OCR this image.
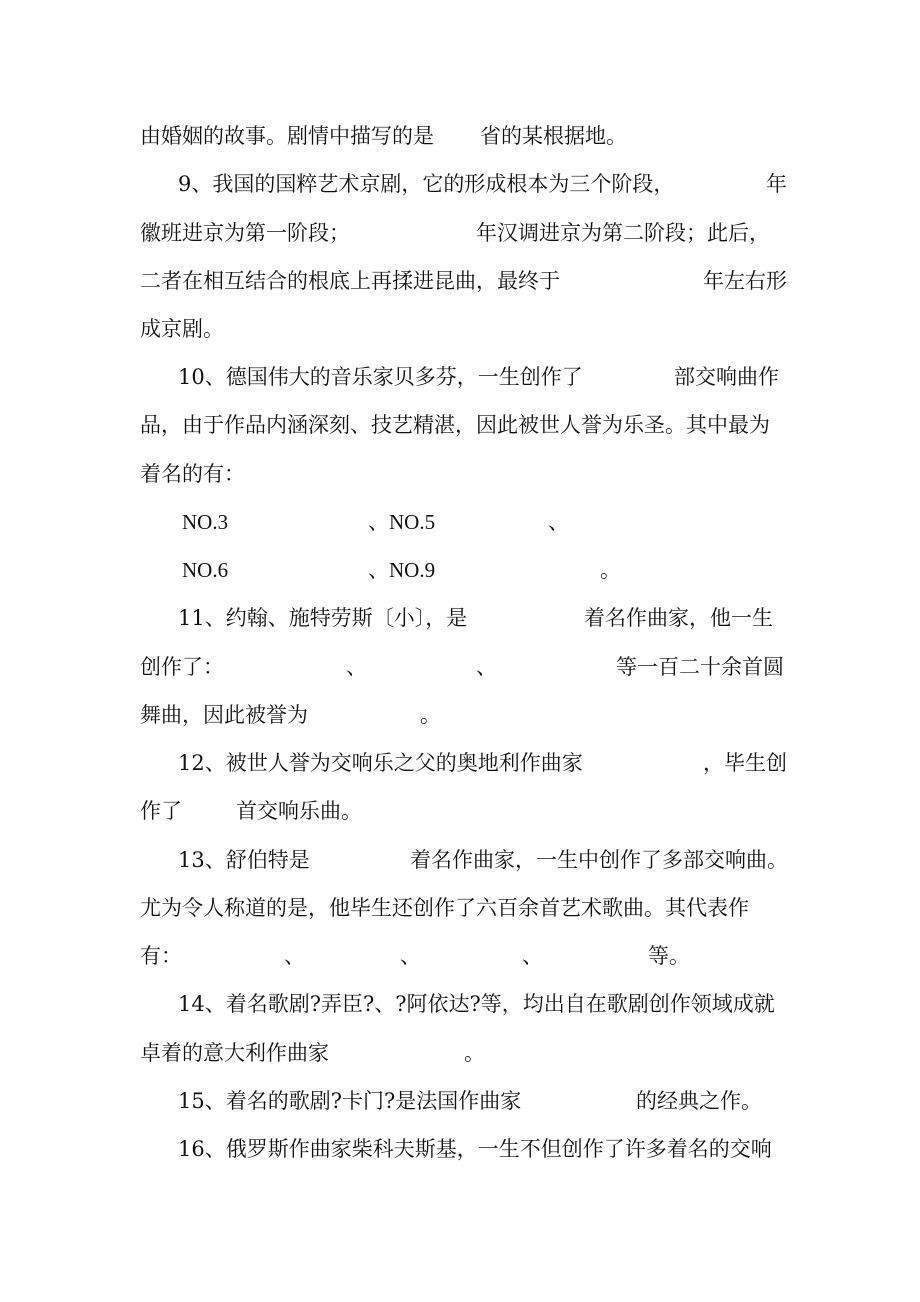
由婚姻的故事。剧情中描写的是 省的某根据地。
9、我国的国粹艺术京剧，它的形成根本为三个阶段，	年
徽班进京为第一阶段；	年汉调进京为第二阶段；此后，
二者在相互结合的根底上再揉进昆曲，最终于	年左右形
成京剧。
10、德国伟大的音乐家贝多芬，一生创作了	部交响曲作
品，由于作品内涵深刻、技艺精湛，因此被世人誉为乐圣。其中最为
着名的有：
NO.3	、NO.5	、
NO.6	、NO.9	。
11、约翰、施特劳斯〔小〕，是	着名作曲家，他一生
创作了：	、	、	等一百二十余首圆
舞曲，因此被誉为	。
12、被世人誉为交响乐之父的奥地利作曲家	，毕生创
作了	首交响乐曲。
13、舒伯特是	着名作曲家，一生中创作了多部交响曲。
尤为令人称道的是，他毕生还创作了六百余首艺术歌曲。其代表作
有：	、	、	、	等。
14、着名歌剧?弄臣?、?阿依达?等，均出自在歌剧创作领域成就
卓着的意大利作曲家	。
15、着名的歌剧?卡门?是法国作曲家	的经典之作。
16、俄罗斯作曲家柴科夫斯基，一生不但创作了许多着名的交响
